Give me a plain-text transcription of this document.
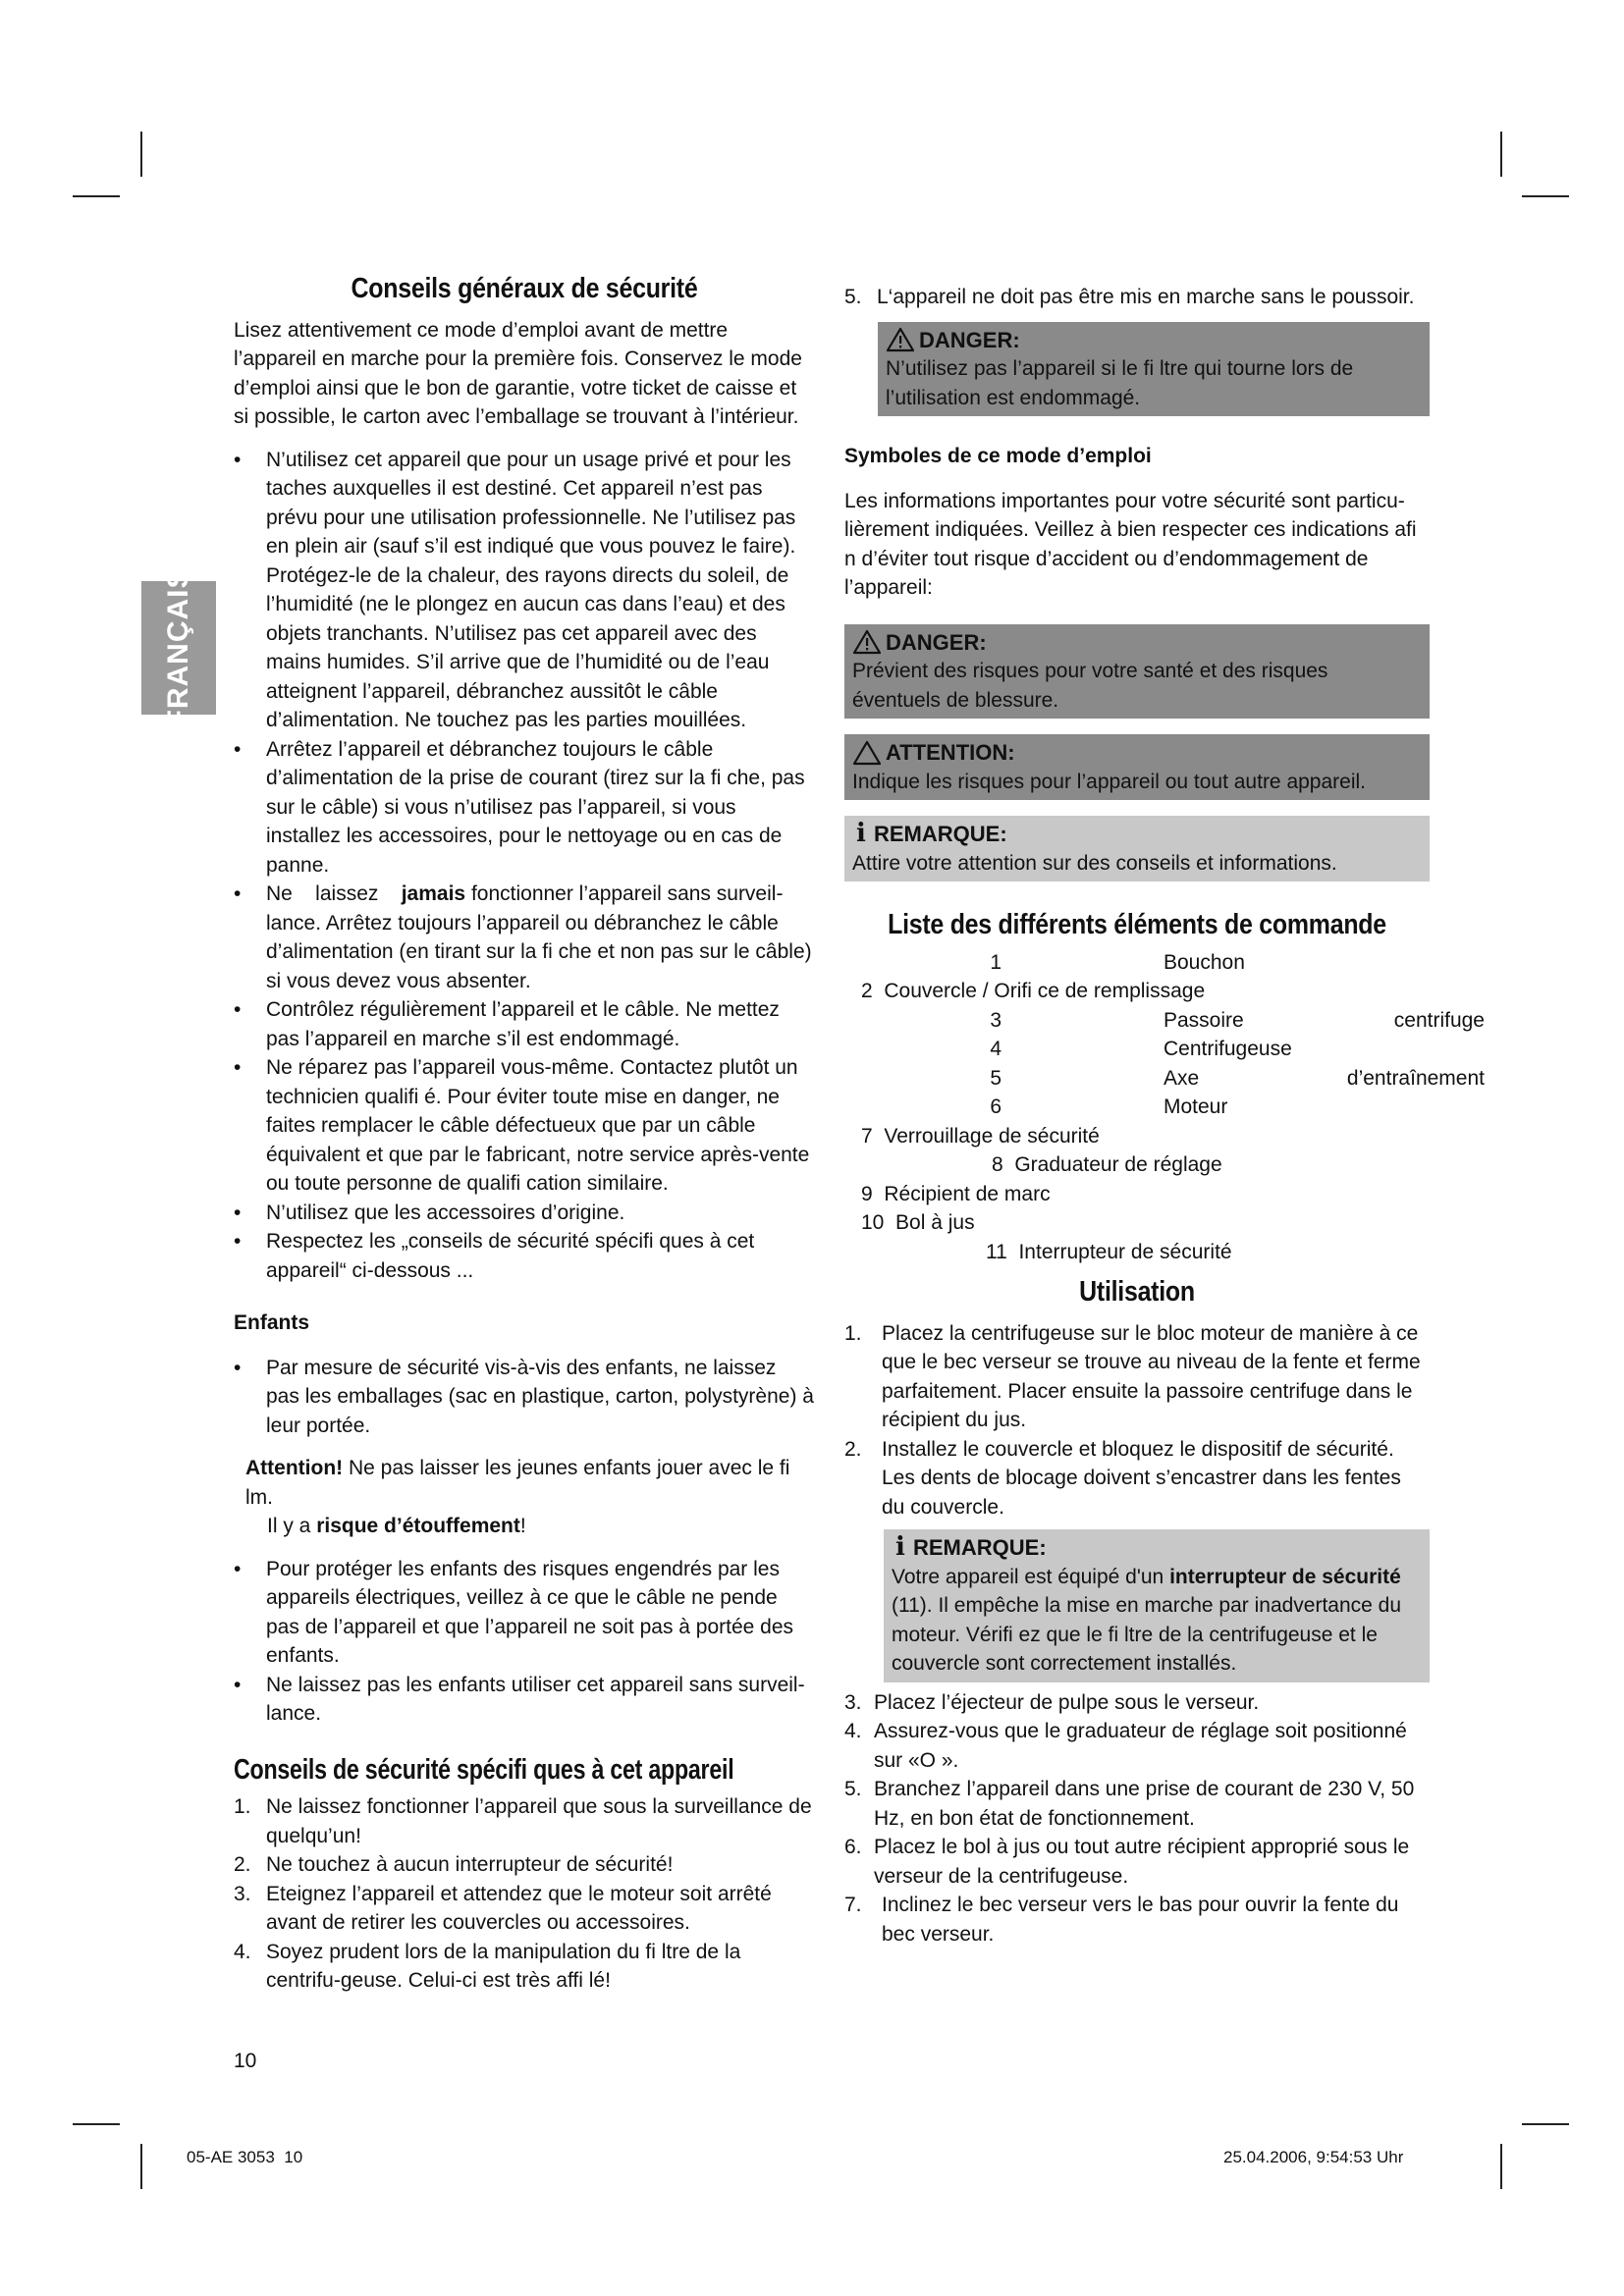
FRANÇAIS
Conseils généraux de sécurité

Lisez attentivement ce mode d’emploi avant de mettre l’appareil en marche pour la première fois. Conservez le mode d’emploi ainsi que le bon de garantie, votre ticket de caisse et si possible, le carton avec l’emballage se trouvant à l’intérieur.

• N’utilisez cet appareil que pour un usage privé et pour les taches auxquelles il est destiné. Cet appareil n’est pas prévu pour une utilisation professionnelle. Ne l’utilisez pas en plein air (sauf s’il est indiqué que vous pouvez le faire). Protégez-le de la chaleur, des rayons directs du soleil, de l’humidité (ne le plongez en aucun cas dans l’eau) et des objets tranchants. N’utilisez pas cet appareil avec des mains humides. S’il arrive que de l’humidité ou de l’eau atteignent l’appareil, débranchez aussitôt le câble d’alimentation. Ne touchez pas les parties mouillées.
• Arrêtez l’appareil et débranchez toujours le câble d’alimentation de la prise de courant (tirez sur la fi che, pas sur le câble) si vous n’utilisez pas l’appareil, si vous installez les accessoires, pour le nettoyage ou en cas de panne.
• Ne    laissez    jamais fonctionner l’appareil sans surveil-lance. Arrêtez toujours l’appareil ou débranchez le câble d’alimentation (en tirant sur la fi che et non pas sur le câble) si vous devez vous absenter.
• Contrôlez régulièrement l’appareil et le câble. Ne mettez pas l’appareil en marche s’il est endommagé.
• Ne réparez pas l’appareil vous-même. Contactez plutôt un technicien qualifi é. Pour éviter toute mise en danger, ne faites remplacer le câble défectueux que par un câble équivalent et que par le fabricant, notre service après-vente ou toute personne de qualifi cation similaire.
• N’utilisez que les accessoires d’origine.
• Respectez les „conseils de sécurité spécifi ques à cet appareil“ ci-dessous ...
Enfants
• Par mesure de sécurité vis-à-vis des enfants, ne laissez pas les emballages (sac en plastique, carton, polystyrène) à leur portée.

Attention! Ne pas laisser les jeunes enfants jouer avec le fi lm.

Il y a risque d’étouffement!

• Pour protéger les enfants des risques engendrés par les appareils électriques, veillez à ce que le câble ne pende pas de l’appareil et que l’appareil ne soit pas à portée des enfants.
• Ne laissez pas les enfants utiliser cet appareil sans surveil-lance.
Conseils de sécurité spécifi ques à cet appareil
1. Ne laissez fonctionner l’appareil que sous la surveillance de quelqu’un!
2. Ne touchez à aucun interrupteur de sécurité!
3. Eteignez l’appareil et attendez que le moteur soit arrêté avant de retirer les couvercles ou accessoires.
4. Soyez prudent lors de la manipulation du fi ltre de la centrifu-geuse. Celui-ci est très affi lé!
10
5. L‘appareil ne doit pas être mis en marche sans le poussoir.
DANGER:
N’utilisez pas l’appareil si le fi ltre qui tourne lors de l’utilisation est endommagé.
Symboles de ce mode d’emploi

Les informations importantes pour votre sécurité sont particu-lièrement indiquées. Veillez à bien respecter ces indications afi n d’éviter tout risque d’accident ou d’endommagement de l’appareil:

DANGER:
Prévient des risques pour votre santé et des risques éventuels de blessure.
ATTENTION:
Indique les risques pour l’appareil ou tout autre appareil.
i REMARQUE:
Attire votre attention sur des conseils et informations.
Liste des différents éléments de commande
1	Bouchon
2  Couvercle / Orifi ce de remplissage
3	Passoire	centrifuge
4	Centrifugeuse
5	Axe	d’entraînement
6	Moteur
7  Verrouillage de sécurité
8  Graduateur de réglage
9  Récipient de marc
10  Bol à jus
11  Interrupteur de sécurité
Utilisation
1. Placez la centrifugeuse sur le bloc moteur de manière à ce que le bec verseur se trouve au niveau de la fente et ferme parfaitement. Placer ensuite la passoire centrifuge dans le récipient du jus.
2. Installez le couvercle et bloquez le dispositif de sécurité. Les dents de blocage doivent s’encastrer dans les fentes du couvercle.
i REMARQUE:
Votre appareil est équipé d'un interrupteur de sécurité (11). Il empêche la mise en marche par inadvertance du moteur. Vérifi ez que le fi ltre de la centrifugeuse et le couvercle sont correctement installés.
3. Placez l’éjecteur de pulpe sous le verseur.
4. Assurez-vous que le graduateur de réglage soit positionné sur «O ».
5. Branchez l’appareil dans une prise de courant de 230 V, 50 Hz, en bon état de fonctionnement.
6. Placez le bol à jus ou tout autre récipient approprié sous le verseur de la centrifugeuse.
7. Inclinez le bec verseur vers le bas pour ouvrir la fente du bec verseur.
05-AE 3053  10	25.04.2006, 9:54:53 Uhr
